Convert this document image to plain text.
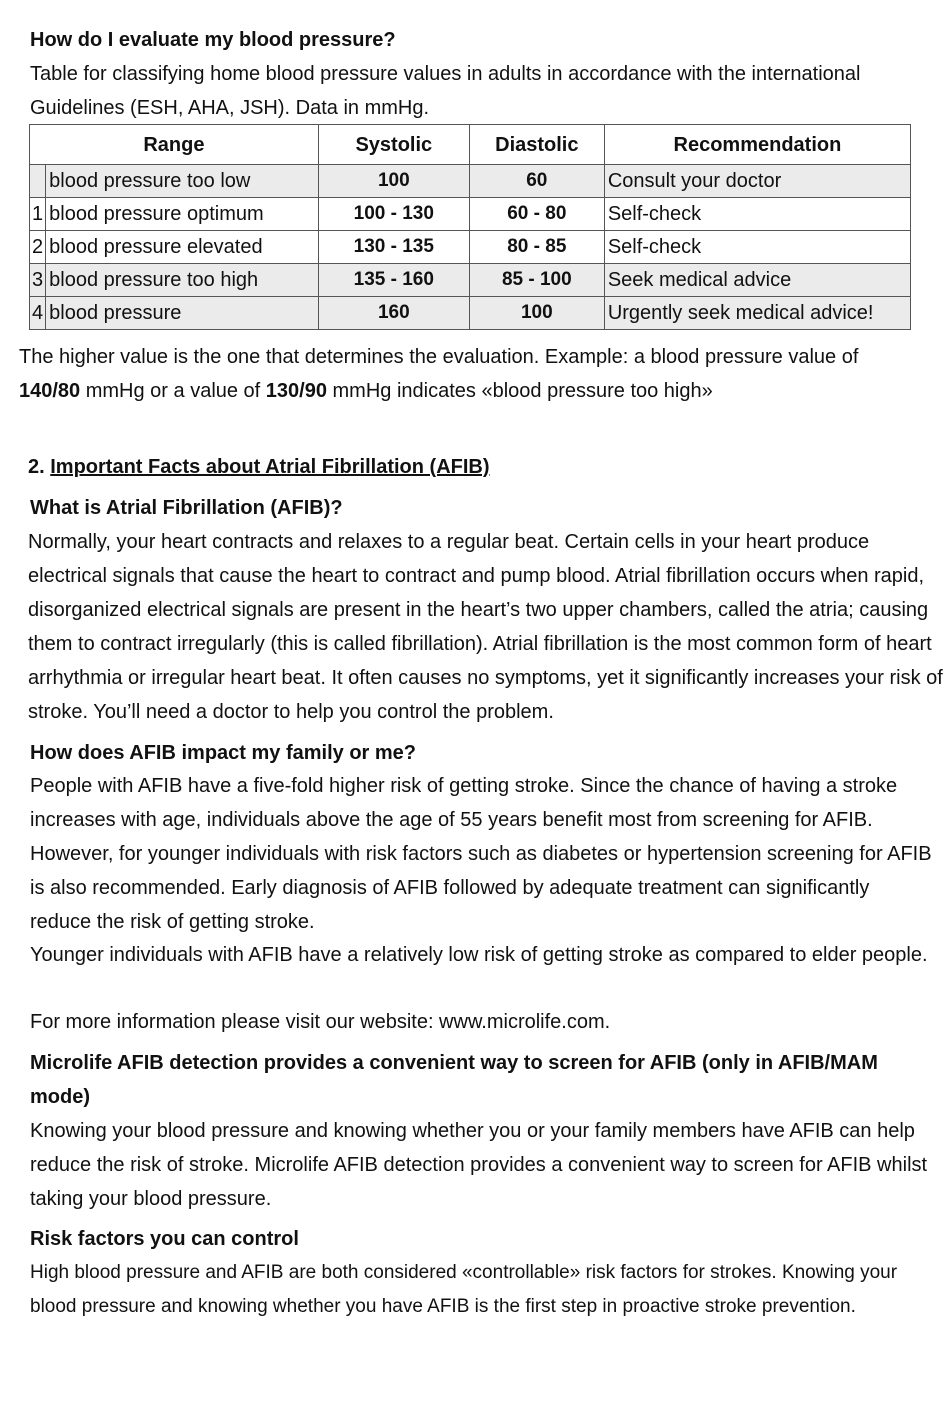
How do I evaluate my blood pressure?

Table for classifying home blood pressure values in adults in accordance with the international Guidelines (ESH, AHA, JSH). Data in mmHg.

Range		Systolic	Diastolic	Recommendation
	blood pressure too low	100	60	Consult your doctor
1	blood pressure optimum	100 - 130	60 - 80	Self-check
2	blood pressure elevated	130 - 135	80 - 85	Self-check
3	blood pressure too high	135 - 160	85 - 100	Seek medical advice
4	blood pressure	160	100	Urgently seek medical advice!

The higher value is the one that determines the evaluation. Example: a blood pressure value of
140/80 mmHg or a value of 130/90 mmHg indicates «blood pressure too high»

2. Important Facts about Atrial Fibrillation (AFIB)

What is Atrial Fibrillation (AFIB)?

Normally, your heart contracts and relaxes to a regular beat. Certain cells in your heart produce electrical signals that cause the heart to contract and pump blood. Atrial fibrillation occurs when rapid, disorganized electrical signals are present in the heart’s two upper chambers, called the atria; causing them to contract irregularly (this is called fibrillation). Atrial fibrillation is the most common form of heart arrhythmia or irregular heart beat. It often causes no symptoms, yet it significantly increases your risk of stroke. You’ll need a doctor to help you control the problem.

How does AFIB impact my family or me?

People with AFIB have a five-fold higher risk of getting stroke. Since the chance of having a stroke increases with age, individuals above the age of 55 years benefit most from screening for AFIB. However, for younger individuals with risk factors such as diabetes or hypertension screening for AFIB is also recommended. Early diagnosis of AFIB followed by adequate treatment can significantly reduce the risk of getting stroke.

Younger individuals with AFIB have a relatively low risk of getting stroke as compared to elder people.

For more information please visit our website: www.microlife.com.

Microlife AFIB detection provides a convenient way to screen for AFIB (only in AFIB/MAM mode)

Knowing your blood pressure and knowing whether you or your family members have AFIB can help reduce the risk of stroke. Microlife AFIB detection provides a convenient way to screen for AFIB whilst taking your blood pressure.

Risk factors you can control

High blood pressure and AFIB are both considered «controllable» risk factors for strokes. Knowing your blood pressure and knowing whether you have AFIB is the first step in proactive stroke prevention.
